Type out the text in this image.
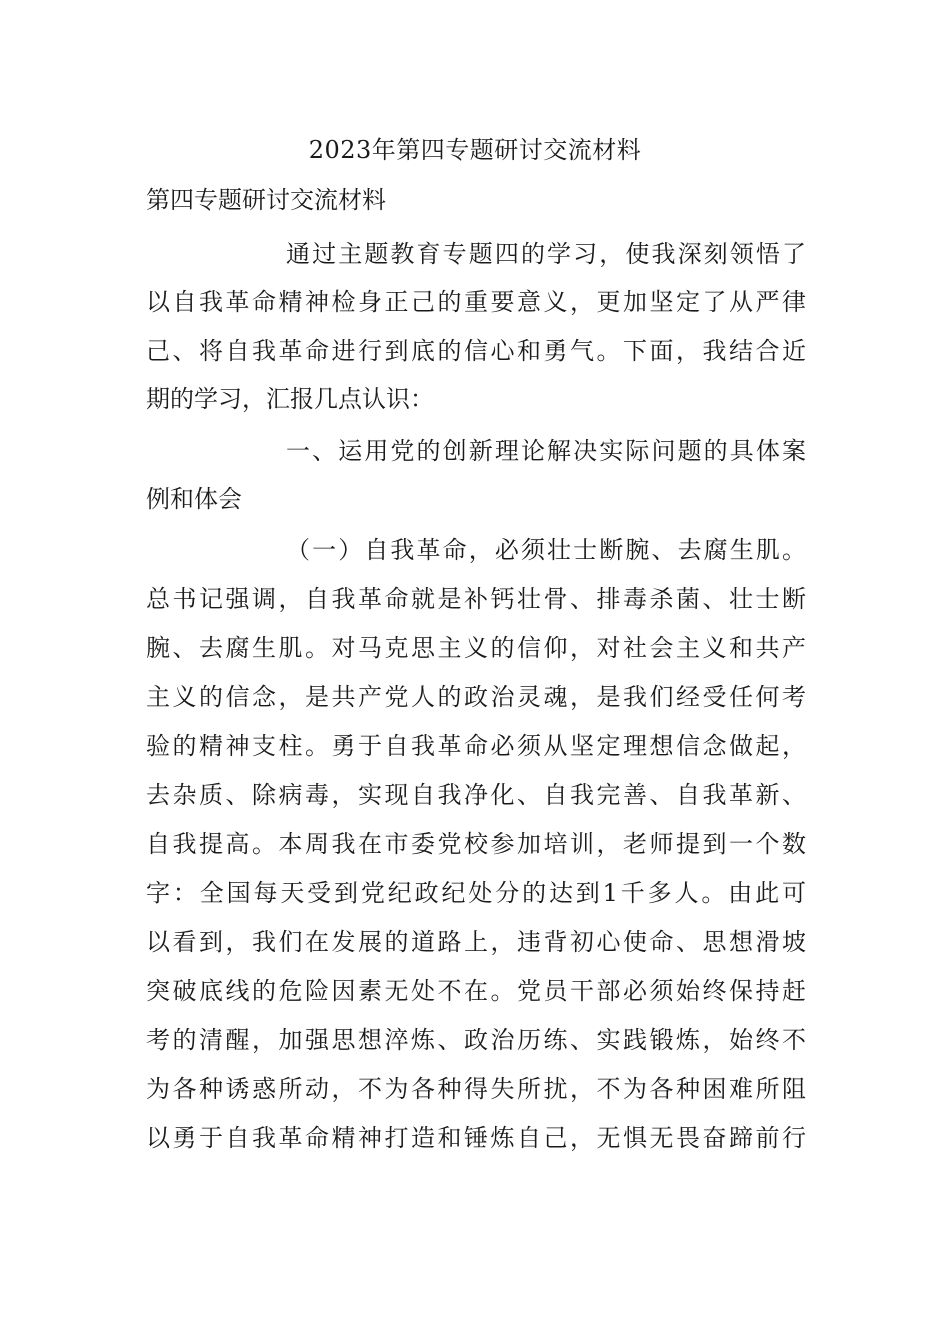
2023年第四专题研讨交流材料
第四专题研讨交流材料
通过主题教育专题四的学习，使我深刻领悟了
以自我革命精神检身正己的重要意义，更加坚定了从严律
己、将自我革命进行到底的信心和勇气。下面，我结合近
期的学习，汇报几点认识：
一、运用党的创新理论解决实际问题的具体案
例和体会
（一）自我革命，必须壮士断腕、去腐生肌。
总书记强调，自我革命就是补钙壮骨、排毒杀菌、壮士断
腕、去腐生肌。对马克思主义的信仰，对社会主义和共产
主义的信念，是共产党人的政治灵魂，是我们经受任何考
验的精神支柱。勇于自我革命必须从坚定理想信念做起，
去杂质、除病毒，实现自我净化、自我完善、自我革新、
自我提高。本周我在市委党校参加培训，老师提到一个数
字：全国每天受到党纪政纪处分的达到1千多人。由此可
以看到，我们在发展的道路上，违背初心使命、思想滑坡
突破底线的危险因素无处不在。党员干部必须始终保持赶
考的清醒，加强思想淬炼、政治历练、实践锻炼，始终不
为各种诱惑所动，不为各种得失所扰，不为各种困难所阻
以勇于自我革命精神打造和锤炼自己，无惧无畏奋蹄前行
